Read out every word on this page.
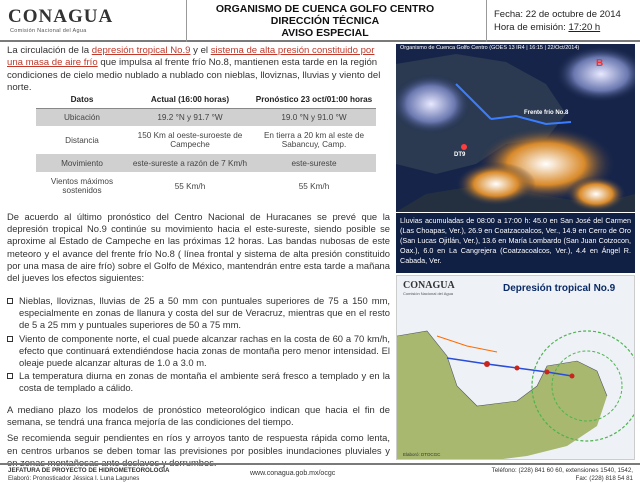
CONAGUA
Comisión Nacional del Agua
ORGANISMO DE CUENCA GOLFO CENTRO
DIRECCIÓN TÉCNICA
AVISO ESPECIAL
Fecha: 22 de octubre de 2014
Hora de emisión: 17:20 h
La circulación de la depresión tropical No.9 y el sistema de alta presión constituido por una masa de aire frío que impulsa al frente frío No.8, mantienen esta tarde en la región condiciones de cielo medio nublado a nublado con nieblas, lloviznas, lluvias y viento del norte.
Datos	Actual (16:00 horas)	Pronóstico 23 oct/01:00 horas
Ubicación	19.2 °N y 91.7 °W	19.0 °N y 91.0 °W
Distancia	150 Km al oeste-suroeste de Campeche	En tierra a 20 km al este de Sabancuy, Camp.
Movimiento	este-sureste a razón de 7 Km/h	este-sureste
Vientos máximos sostenidos	55 Km/h	55 Km/h
De acuerdo al último pronóstico del Centro Nacional de Huracanes se prevé que la depresión tropical No.9 continúe su movimiento hacia el este-sureste, siendo posible se aproxime al Estado de Campeche en las próximas 12 horas. Las bandas nubosas de este meteoro y el avance del frente frío No.8 ( línea frontal y sistema de alta presión constituido por una masa de aire frío) sobre el Golfo de México, mantendrán entre esta tarde a mañana del jueves los efectos siguientes:
Nieblas, lloviznas, lluvias de 25 a 50 mm con puntuales superiores de 75 a 150 mm, especialmente en zonas de llanura y costa del sur de Veracruz, mientras que en el resto de 5 a 25 mm y puntuales superiores de 50 a 75 mm.
Viento de componente norte, el cual puede alcanzar rachas en la costa de 60 a 70 km/h, efecto que continuará extendiéndose hacia zonas de montaña pero menor intensidad. El oleaje puede alcanzar alturas de 1.0 a 3.0 m.
La temperatura diurna en zonas de montaña el ambiente será fresco a templado y en la costa de templado a cálido.
A mediano plazo los modelos de pronóstico meteorológico indican que hacia el fin de semana, se tendrá una franca mejoría de las condiciones del tiempo.
Se recomienda seguir pendientes en ríos y arroyos tanto de respuesta rápida como lenta, en centros urbanos se deben tomar las previsiones por posibles inundaciones pluviales y en zonas montañosas ante deslaves y derrumbes.
B
Organismo de Cuenca Golfo Centro (GOES 13 IR4 | 16:15 | 22/Oct/2014)
Frente frío No.8
DT9
Lluvias acumuladas de 08:00 a 17:00 h: 45.0 en San José del Carmen (Las Choapas, Ver.), 26.9 en Coatzacoalcos, Ver., 14.9 en Cerro de Oro (San Lucas Ojitlán, Ver.), 13.6 en María Lombardo (San Juan Cotzocon, Oax.), 6.0 en La Cangrejera (Coatzacoalcos, Ver.), 4.4 en Ángel R. Cabada, Ver.
CONAGUA
Comisión Nacional del Agua	Depresión tropical No.9
Elaboró: DTOCGC
JEFATURA DE PROYECTO DE HIDROMETEOROLOGÍA
Elaboró: Pronosticador Jéssica I. Luna Lagunes
www.conagua.gob.mx/ocgc	Teléfono: (228) 841 60 60, extensiones 1540, 1542,
Fax: (228) 818 54 81
